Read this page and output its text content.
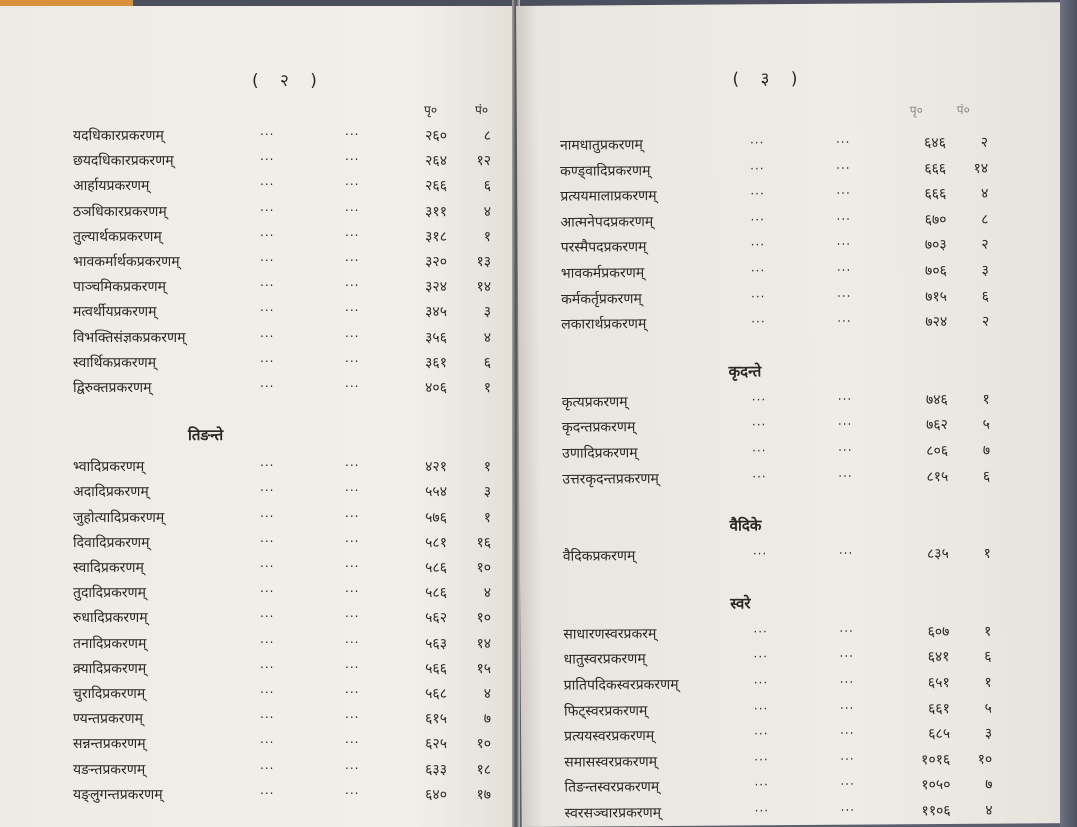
( २ )
पृ०	पं०
यदधिकारप्रकरणम्	...	...	२६०	८
छयदधिकारप्रकरणम्	...	...	२६४	१२
आर्हायप्रकरणम्	...	...	२६६	६
ठञधिकारप्रकरणम्	...	...	३११	४
तुल्यार्थकप्रकरणम्	...	...	३१८	१
भावकर्मार्थकप्रकरणम्	...	...	३२०	१३
पाञ्चमिकप्रकरणम्	...	...	३२४	१४
मत्वर्थीयप्रकरणम्	...	...	३४५	३
विभक्तिसंज्ञकप्रकरणम्	...	...	३५६	४
स्वार्थिकप्रकरणम्	...	...	३६१	६
द्विरुक्तप्रकरणम्	...	...	४०६	१
तिङन्ते
भ्वादिप्रकरणम्	...	...	४२१	१
अदादिप्रकरणम्	...	...	५५४	३
जुहोत्यादिप्रकरणम्	...	...	५७६	१
दिवादिप्रकरणम्	...	...	५८१	१६
स्वादिप्रकरणम्	...	...	५८६	१०
तुदादिप्रकरणम्	...	...	५८६	४
रुधादिप्रकरणम्	...	...	५६२	१०
तनादिप्रकरणम्	...	...	५६३	१४
क्र्यादिप्रकरणम्	...	...	५६६	१५
चुरादिप्रकरणम्	...	...	५६८	४
ण्यन्तप्रकरणम्	...	...	६१५	७
सन्नन्तप्रकरणम्	...	...	६२५	१०
यङन्तप्रकरणम्	...	...	६३३	१८
यङ्लुगन्तप्रकरणम्	...	...	६४०	१७
( ३ )
पृ०	पं०
नामधातुप्रकरणम्	...	...	६४६	२
कण्ड्वादिप्रकरणम्	...	...	६६६	१४
प्रत्ययमालाप्रकरणम्	...	...	६६६	४
आत्मनेपदप्रकरणम्	...	...	६७०	८
परस्मैपदप्रकरणम्	...	...	७०३	२
भावकर्मप्रकरणम्	...	...	७०६	३
कर्मकर्तृप्रकरणम्	...	...	७१५	६
लकारार्थप्रकरणम्	...	...	७२४	२
कृदन्ते
कृत्यप्रकरणम्	...	...	७४६	१
कृदन्तप्रकरणम्	...	...	७६२	५
उणादिप्रकरणम्	...	...	८०६	७
उत्तरकृदन्तप्रकरणम्	...	...	८१५	६
वैदिके
वैदिकप्रकरणम्	...	...	८३५	१
स्वरे
साधारणस्वरप्रकरम्	...	...	६०७	१
धातुस्वरप्रकरणम्	...	...	६४१	६
प्रातिपदिकस्वरप्रकरणम्	...	...	६५१	१
फिट्स्वरप्रकरणम्	...	...	६६१	५
प्रत्ययस्वरप्रकरणम्	...	...	६८५	३
समासस्वरप्रकरणम्	...	...	१०१६	१०
तिङन्तस्वरप्रकरणम्	...	...	१०५०	७
स्वरसञ्चारप्रकरणम्	...	...	११०६	४
